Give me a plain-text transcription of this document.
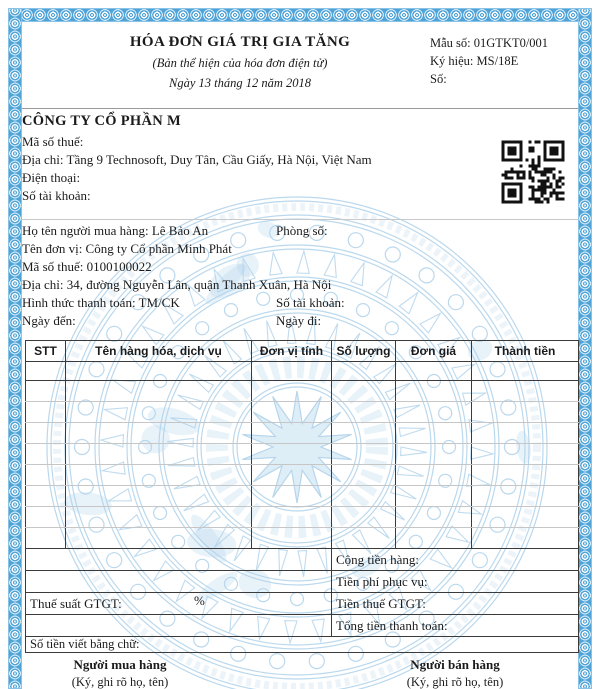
HÓA ĐƠN GIÁ TRỊ GIA TĂNG
(Bản thể hiện của hóa đơn điện tử)
Ngày 13 tháng 12 năm 2018
Mẫu số: 01GTKT0/001
Ký hiệu: MS/18E
Số:
CÔNG TY CỔ PHẦN M
Mã số thuế:
Địa chỉ: Tầng 9 Technosoft, Duy Tân, Cầu Giấy, Hà Nội, Việt Nam
Điện thoại:
Số tài khoản:
Họ tên người mua hàng: Lê Bảo An	Phòng số:
Tên đơn vị: Công ty Cổ phần Minh Phát
Mã số thuế: 0100100022
Địa chỉ: 34, đường Nguyễn Lân, quận Thanh Xuân, Hà Nội
Hình thức thanh toán: TM/CK	Số tài khoản:
Ngày đến:	Ngày đi:
STT	Tên hàng hóa, dịch vụ	Đơn vị tính	Số lượng	Đơn giá	Thành tiền

			Cộng tiền hàng:		
			Tiền phí phục vụ:		
Thuế suất GTGT: %			Tiền thuế GTGT:		
			Tổng tiền thanh toán:		
Số tiền viết bằng chữ:					
Người mua hàng
(Ký, ghi rõ họ, tên)
Người bán hàng
(Ký, ghi rõ họ, tên)
